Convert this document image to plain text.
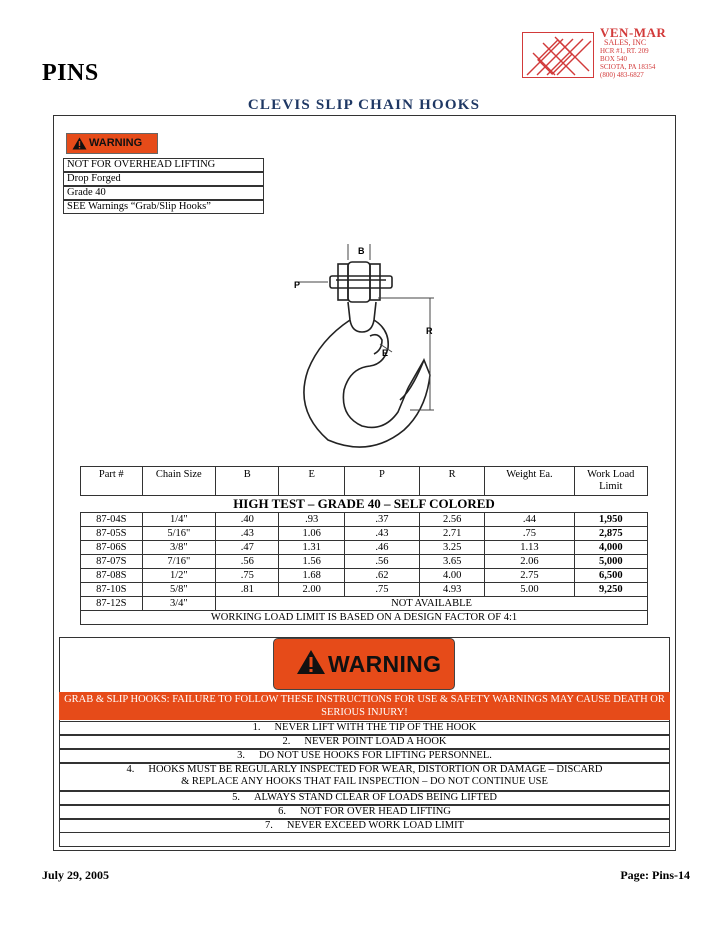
PINS
VEN-MAR
SALES, INC
HCR #1, RT. 209
BOX 540
SCIOTA, PA 18354
(800) 483-6827
CLEVIS SLIP CHAIN HOOKS
WARNING
NOT FOR OVERHEAD LIFTING
Drop Forged
Grade 40
SEE Warnings “Grab/Slip Hooks”
B
P
R
E
Part #	Chain Size	B	E	P	R	Weight Ea.	Work Load Limit
HIGH TEST – GRADE 40 – SELF COLORED							
87-04S	1/4"	.40	.93	.37	2.56	.44	1,950
87-05S	5/16"	.43	1.06	.43	2.71	.75	2,875
87-06S	3/8"	.47	1.31	.46	3.25	1.13	4,000
87-07S	7/16"	.56	1.56	.56	3.65	2.06	5,000
87-08S	1/2"	.75	1.68	.62	4.00	2.75	6,500
87-10S	5/8"	.81	2.00	.75	4.93	5.00	9,250
87-12S	3/4"	NOT AVAILABLE					
WORKING LOAD LIMIT IS BASED ON A DESIGN FACTOR OF 4:1							
WARNING
GRAB & SLIP HOOKS: FAILURE TO FOLLOW THESE INSTRUCTIONS FOR USE & SAFETY WARNINGS MAY CAUSE DEATH OR SERIOUS INJURY!
1. NEVER LIFT WITH THE TIP OF THE HOOK
2. NEVER POINT LOAD A HOOK
3. DO NOT USE HOOKS FOR LIFTING PERSONNEL.
4. HOOKS MUST BE REGULARLY INSPECTED FOR WEAR, DISTORTION OR DAMAGE – DISCARD
& REPLACE ANY HOOKS THAT FAIL INSPECTION – DO NOT CONTINUE USE
5. ALWAYS STAND CLEAR OF LOADS BEING LIFTED
6. NOT FOR OVER HEAD LIFTING
7. NEVER EXCEED WORK LOAD LIMIT
July 29, 2005	Page: Pins-14
